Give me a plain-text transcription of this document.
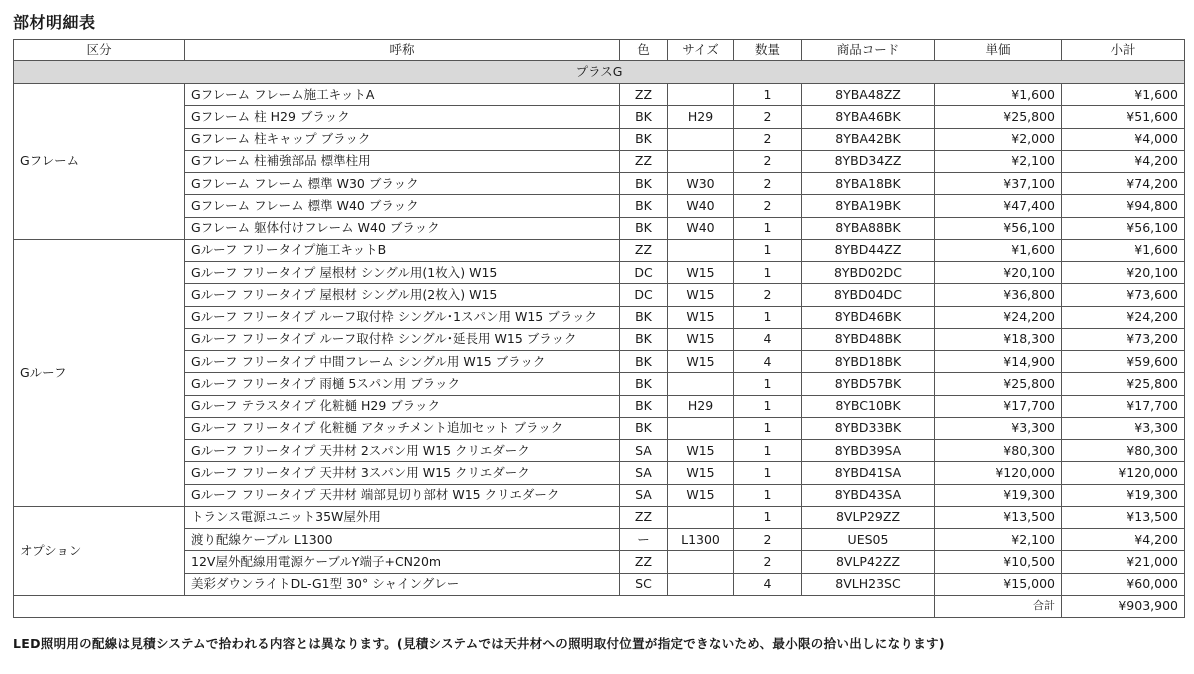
部材明細表
区分	呼称	色	サイズ	数量	商品コード	単価	小計
プラスG							
Gフレーム	Gフレーム フレーム施工キットA	ZZ		1	8YBA48ZZ	¥1,600	¥1,600
	Gフレーム 柱 H29 ブラック	BK	H29	2	8YBA46BK	¥25,800	¥51,600
	Gフレーム 柱キャップ ブラック	BK		2	8YBA42BK	¥2,000	¥4,000
	Gフレーム 柱補強部品 標準柱用	ZZ		2	8YBD34ZZ	¥2,100	¥4,200
	Gフレーム フレーム 標準 W30 ブラック	BK	W30	2	8YBA18BK	¥37,100	¥74,200
	Gフレーム フレーム 標準 W40 ブラック	BK	W40	2	8YBA19BK	¥47,400	¥94,800
	Gフレーム 躯体付けフレーム W40 ブラック	BK	W40	1	8YBA88BK	¥56,100	¥56,100
Gルーフ	Gルーフ フリータイプ施工キットB	ZZ		1	8YBD44ZZ	¥1,600	¥1,600
	Gルーフ フリータイプ 屋根材 シングル用(1枚入) W15	DC	W15	1	8YBD02DC	¥20,100	¥20,100
	Gルーフ フリータイプ 屋根材 シングル用(2枚入) W15	DC	W15	2	8YBD04DC	¥36,800	¥73,600
	Gルーフ フリータイプ ルーフ取付枠 シングル･1スパン用 W15 ブラック	BK	W15	1	8YBD46BK	¥24,200	¥24,200
	Gルーフ フリータイプ ルーフ取付枠 シングル･延長用 W15 ブラック	BK	W15	4	8YBD48BK	¥18,300	¥73,200
	Gルーフ フリータイプ 中間フレーム シングル用 W15 ブラック	BK	W15	4	8YBD18BK	¥14,900	¥59,600
	Gルーフ フリータイプ 雨樋 5スパン用 ブラック	BK		1	8YBD57BK	¥25,800	¥25,800
	Gルーフ テラスタイプ 化粧樋 H29 ブラック	BK	H29	1	8YBC10BK	¥17,700	¥17,700
	Gルーフ フリータイプ 化粧樋 アタッチメント追加セット ブラック	BK		1	8YBD33BK	¥3,300	¥3,300
	Gルーフ フリータイプ 天井材 2スパン用 W15 クリエダーク	SA	W15	1	8YBD39SA	¥80,300	¥80,300
	Gルーフ フリータイプ 天井材 3スパン用 W15 クリエダーク	SA	W15	1	8YBD41SA	¥120,000	¥120,000
	Gルーフ フリータイプ 天井材 端部見切り部材 W15 クリエダーク	SA	W15	1	8YBD43SA	¥19,300	¥19,300
オプション	トランス電源ユニット35W屋外用	ZZ		1	8VLP29ZZ	¥13,500	¥13,500
	渡り配線ケーブル L1300	ー	L1300	2	UES05	¥2,100	¥4,200
	12V屋外配線用電源ケーブルY端子+CN20m	ZZ		2	8VLP42ZZ	¥10,500	¥21,000
	美彩ダウンライトDL-G1型 30° シャイングレー	SC		4	8VLH23SC	¥15,000	¥60,000
						合計	¥903,900
LED照明用の配線は見積システムで拾われる内容とは異なります。(見積システムでは天井材への照明取付位置が指定できないため、最小限の拾い出しになります)
